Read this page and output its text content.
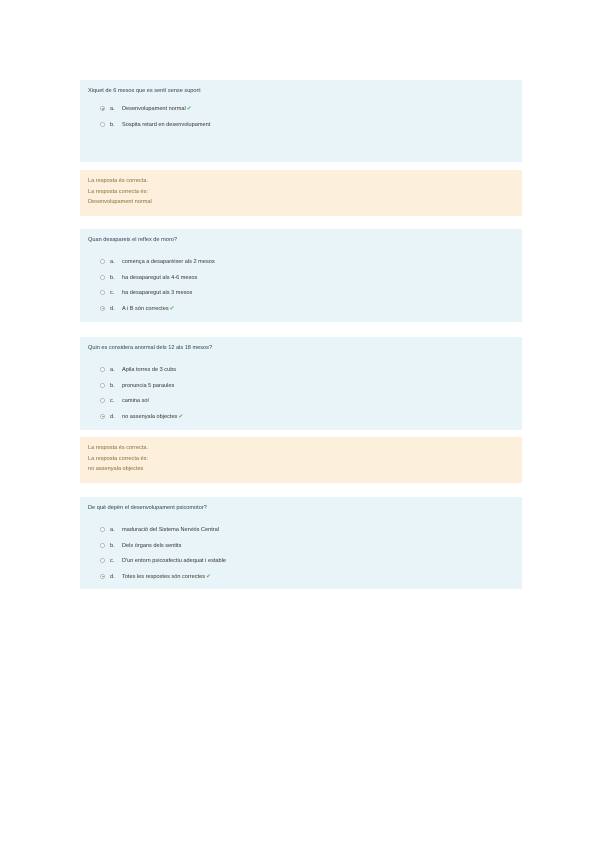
Xiquet de 6 mesos que es sentí sense suport:

a. Desenvolupament normal✔
b. Sospita retard en desenvolupament
La resposta és correcta.
La resposta correcta és:
Desenvolupament normal

Quan desapareix el reflex de moro?

a. comença a desaparèixer als 2 mesos
b. ha desaparegut als 4-6 mesos
c. ha desaparegut als 3 mesos
d. A i B són correctes✔

Quin es considera anormal dels 12 als 18 mesos?

a. Apila torres de 3 cubs
b. pronuncia 5 paraules
c. camina sol
d. no assenyala objectes✔
La resposta és correcta.
La resposta correcta és:
no assenyala objectes

De què depèn el desenvolupament psicomotor?

a. maduració del Sistema Nerviós Central
b. Dels òrgans dels sentits
c. D'un entorn psicoafectiu adequat i estable
d. Totes les respostes són correctes✔
